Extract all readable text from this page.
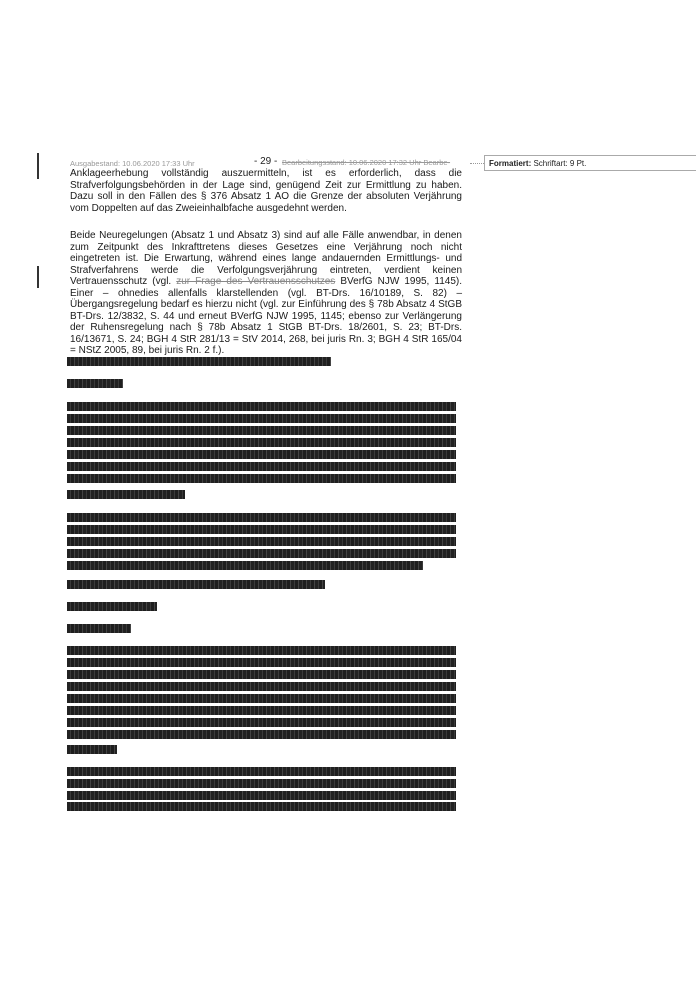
Ausgabestand: 10.06.2020 17:33 Uhr	- 29 - Bearbeitungsstand: 10.06.2020 17:32 Uhr Bearbe-	Formatiert: Schriftart: 9 Pt.

Anklageerhebung vollständig auszuermitteln, ist es erforderlich, dass die Strafverfolgungsbehörden in der Lage sind, genügend Zeit zur Ermittlung zu haben. Dazu soll in den Fällen des § 376 Absatz 1 AO die Grenze der absoluten Verjährung vom Doppelten auf das Zweieinhalbfache ausgedehnt werden.

Beide Neuregelungen (Absatz 1 und Absatz 3) sind auf alle Fälle anwendbar, in denen zum Zeitpunkt des Inkrafttretens dieses Gesetzes eine Verjährung noch nicht eingetreten ist. Die Erwartung, während eines lange andauernden Ermittlungs- und Strafverfahrens werde die Verfolgungsverjährung eintreten, verdient keinen Vertrauensschutz (vgl. zur Frage des Vertrauensschutzes BVerfG NJW 1995, 1145). Einer – ohnedies allenfalls klarstellenden (vgl. BT-Drs. 16/10189, S. 82) – Übergangsregelung bedarf es hierzu nicht (vgl. zur Einführung des § 78b Absatz 4 StGB BT-Drs. 12/3832, S. 44 und erneut BVerfG NJW 1995, 1145; ebenso zur Verlängerung der Ruhensregelung nach § 78b Absatz 1 StGB BT-Drs. 18/2601, S. 23; BT-Drs. 16/13671, S. 24; BGH 4 StR 281/13 = StV 2014, 268, bei juris Rn. 3; BGH 4 StR 165/04 = NStZ 2005, 89, bei juris Rn. 2 f.).
